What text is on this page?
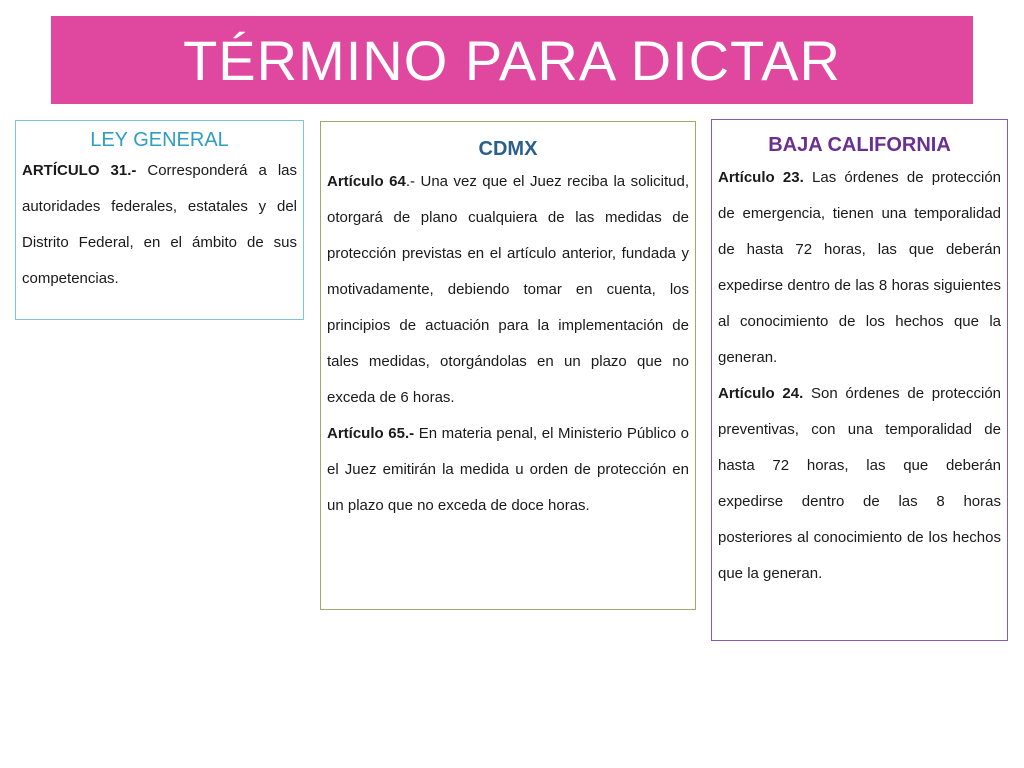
TÉRMINO PARA DICTAR
LEY GENERAL

ARTÍCULO 31.- Corresponderá a las autoridades federales, estatales y del Distrito Federal, en el ámbito de sus competencias.

CDMX

Artículo 64.- Una vez que el Juez reciba la solicitud, otorgará de plano cualquiera de las medidas de protección previstas en el artículo anterior, fundada y motivadamente, debiendo tomar en cuenta, los principios de actuación para la implementación de tales medidas, otorgándolas en un plazo que no exceda de 6 horas.

Artículo 65.- En materia penal, el Ministerio Público o el Juez emitirán la medida u orden de protección en un plazo que no exceda de doce horas.

BAJA CALIFORNIA

Artículo 23. Las órdenes de protección de emergencia, tienen una temporalidad de hasta 72 horas, las que deberán expedirse dentro de las 8 horas siguientes al conocimiento de los hechos que la generan.

Artículo 24. Son órdenes de protección preventivas, con una temporalidad de hasta 72 horas, las que deberán expedirse dentro de las 8 horas posteriores al conocimiento de los hechos que la generan.
